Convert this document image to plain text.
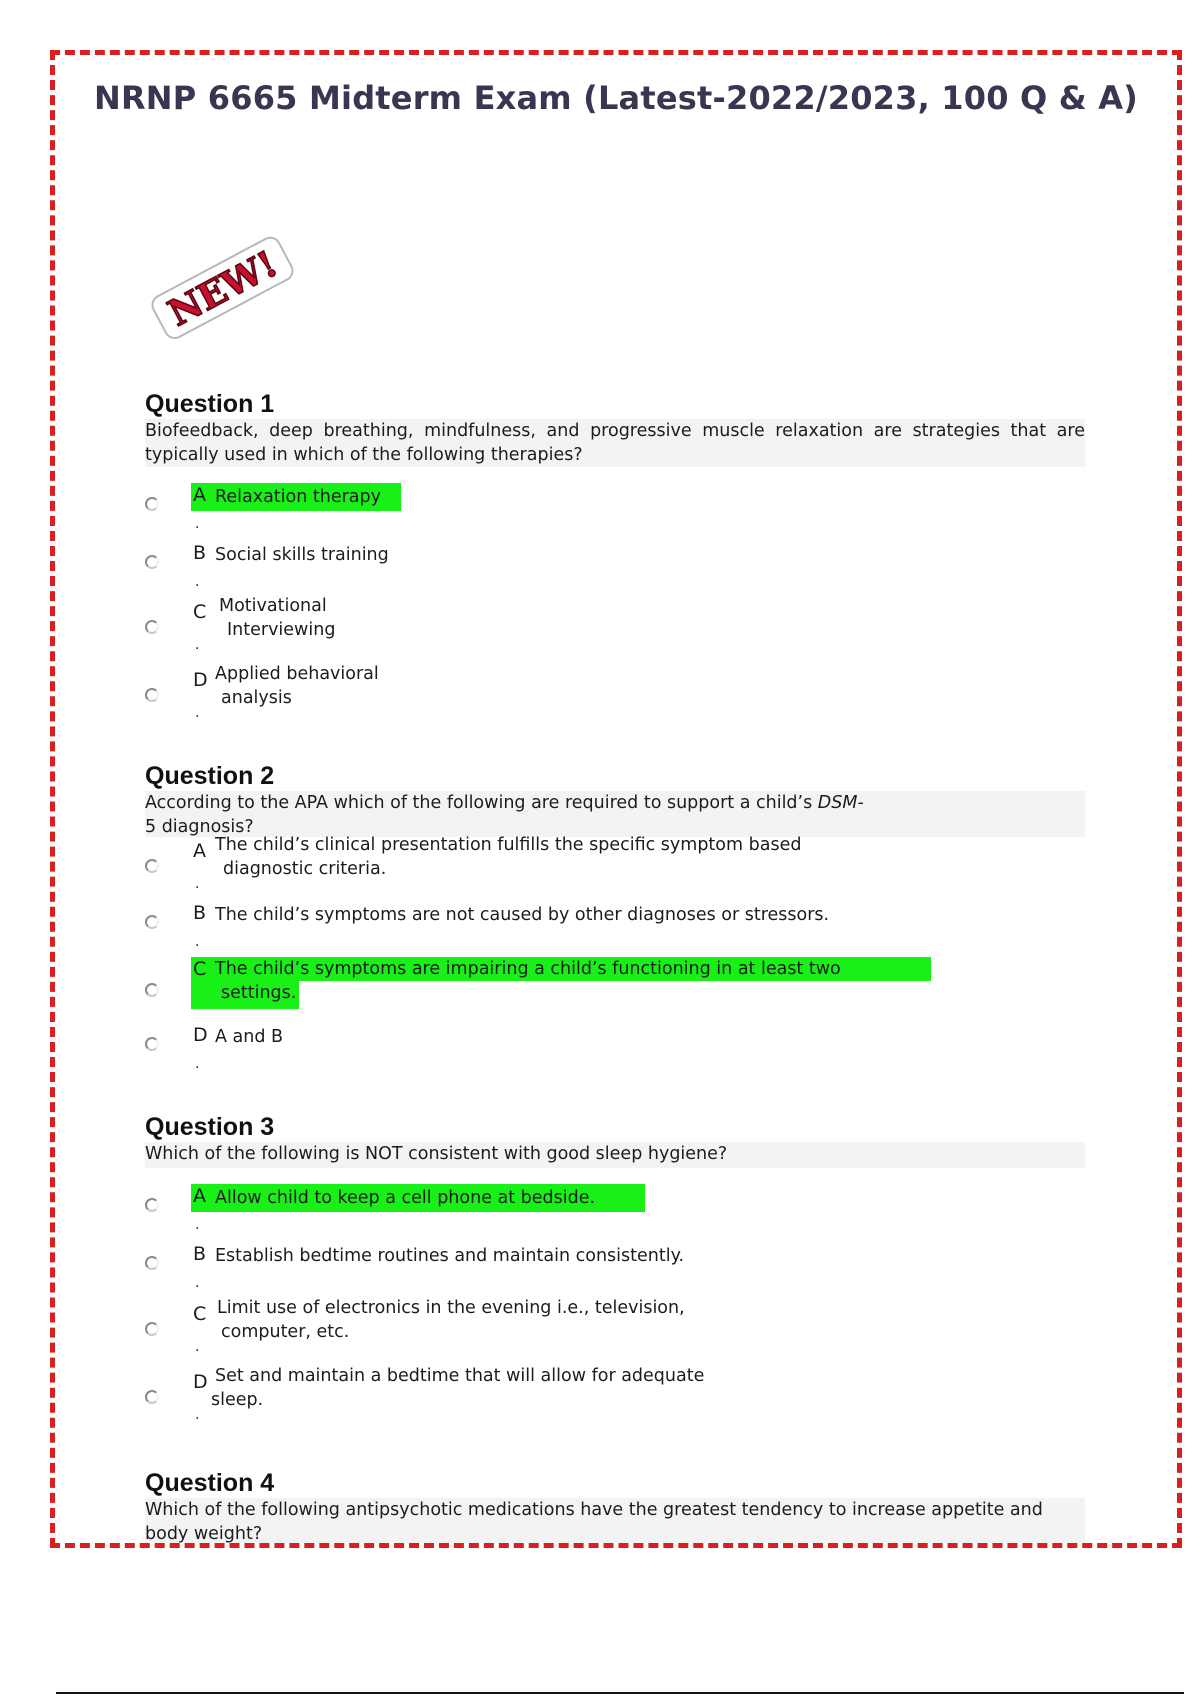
NRNP 6665 Midterm Exam (Latest-2022/2023, 100 Q & A)
NEW!
Question 1
Biofeedback, deep breathing, mindfulness, and progressive muscle relaxation are strategies that are typically used in which of the following therapies?
A Relaxation therapy
.
B Social skills training
.
C Motivational
Interviewing
.
D Applied behavioral
analysis
.
Question 2
According to the APA which of the following are required to support a child’s DSM-
5 diagnosis?
A The child’s clinical presentation fulfills the specific symptom based
diagnostic criteria.
.
B The child’s symptoms are not caused by other diagnoses or stressors.
.
C The child’s symptoms are impairing a child’s functioning in at least two
settings.
D A and B
.
Question 3
Which of the following is NOT consistent with good sleep hygiene?
A Allow child to keep a cell phone at bedside.
.
B Establish bedtime routines and maintain consistently.
.
C Limit use of electronics in the evening i.e., television,
computer, etc.
.
D Set and maintain a bedtime that will allow for adequate
sleep.
.
Question 4
Which of the following antipsychotic medications have the greatest tendency to increase appetite and body weight?
